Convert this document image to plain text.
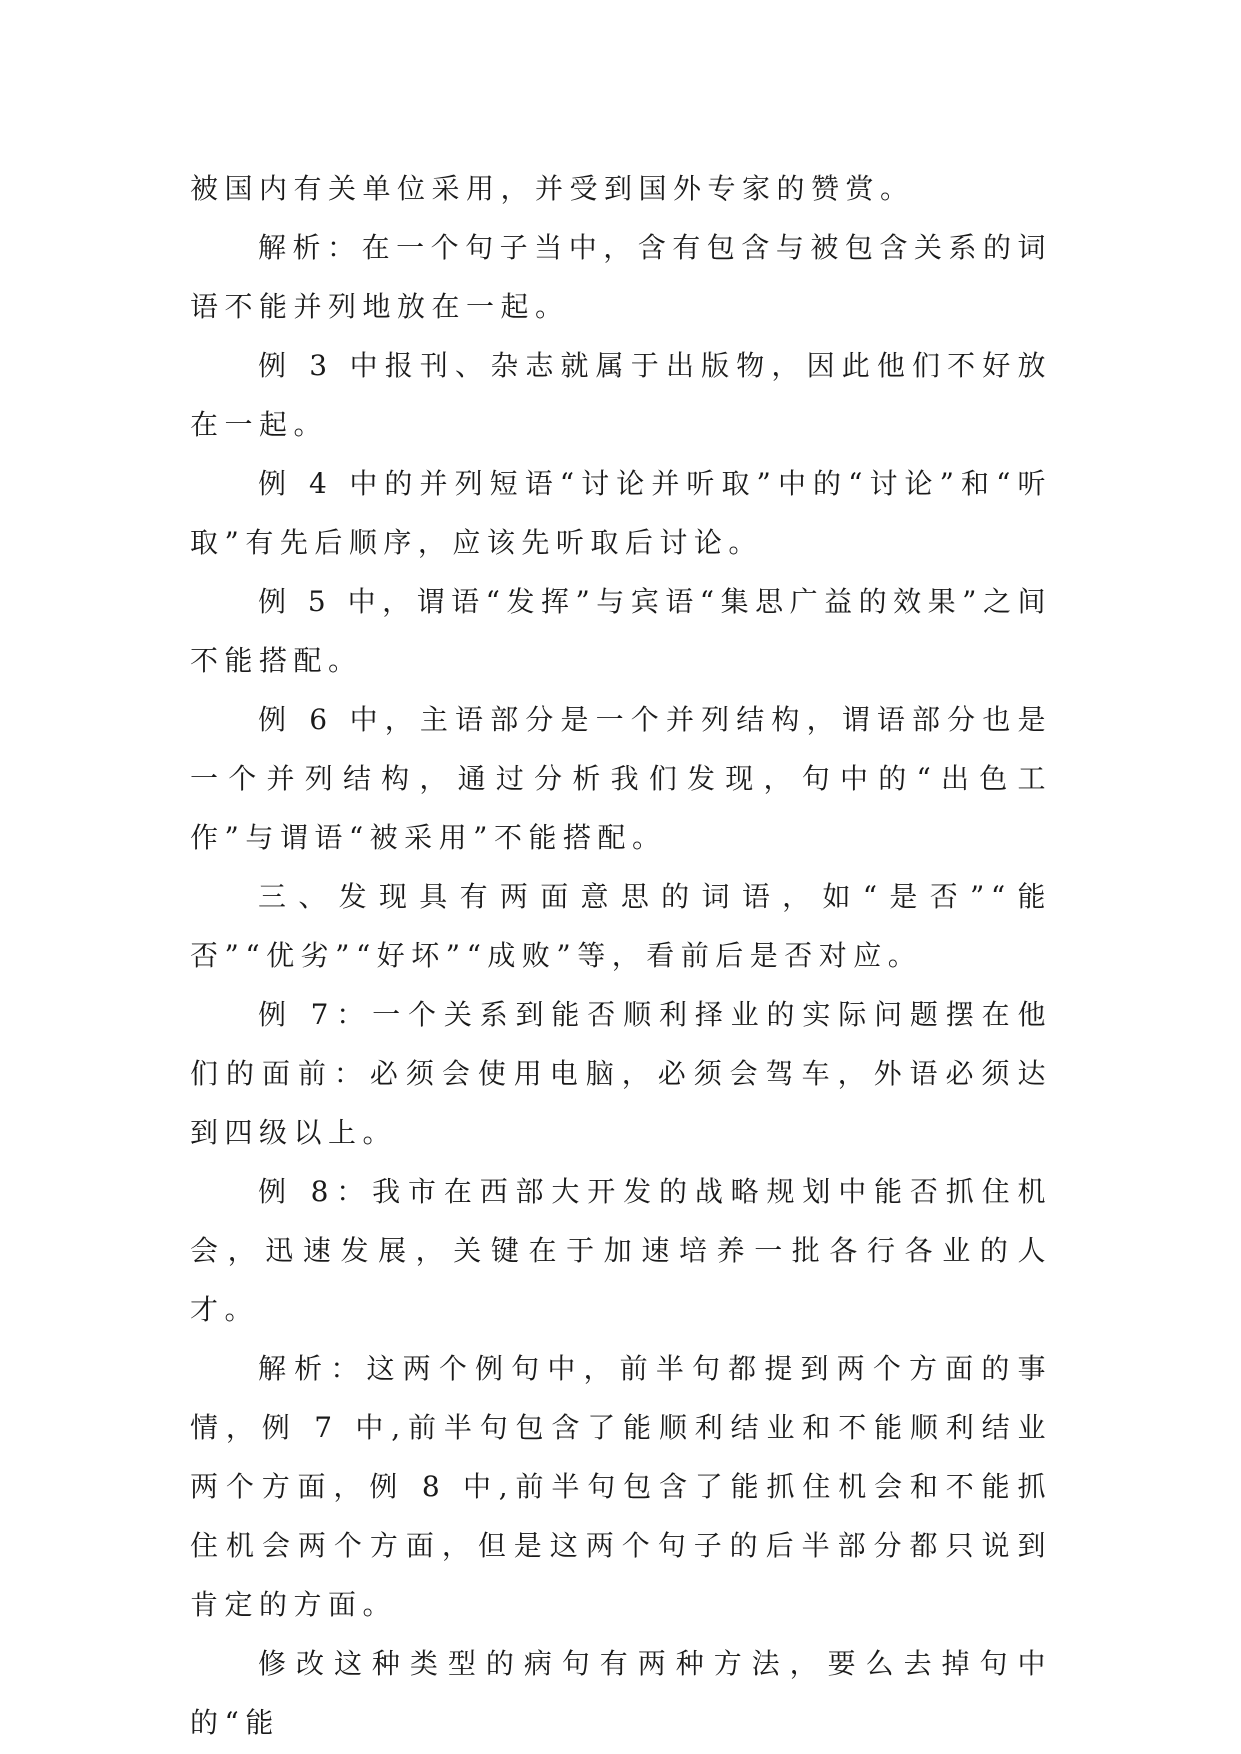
被国内有关单位采用，并受到国外专家的赞赏。

解析：在一个句子当中，含有包含与被包含关系的词语不能并列地放在一起。

例 3 中报刊、杂志就属于出版物，因此他们不好放在一起。

例 4 中的并列短语“讨论并听取”中的“讨论”和“听取”有先后顺序，应该先听取后讨论。

例 5 中，谓语“发挥”与宾语“集思广益的效果”之间不能搭配。

例 6 中，主语部分是一个并列结构，谓语部分也是一个并列结构，通过分析我们发现，句中的“出色工作”与谓语“被采用”不能搭配。

三、发现具有两面意思的词语，如“是否”“能否”“优劣”“好坏”“成败”等，看前后是否对应。

例 7：一个关系到能否顺利择业的实际问题摆在他们的面前：必须会使用电脑，必须会驾车，外语必须达到四级以上。

例 8：我市在西部大开发的战略规划中能否抓住机会，迅速发展，关键在于加速培养一批各行各业的人才。

解析：这两个例句中，前半句都提到两个方面的事情，例 7 中,前半句包含了能顺利结业和不能顺利结业两个方面，例 8 中,前半句包含了能抓住机会和不能抓住机会两个方面，但是这两个句子的后半部分都只说到肯定的方面。

修改这种类型的病句有两种方法，要么去掉句中的“能
